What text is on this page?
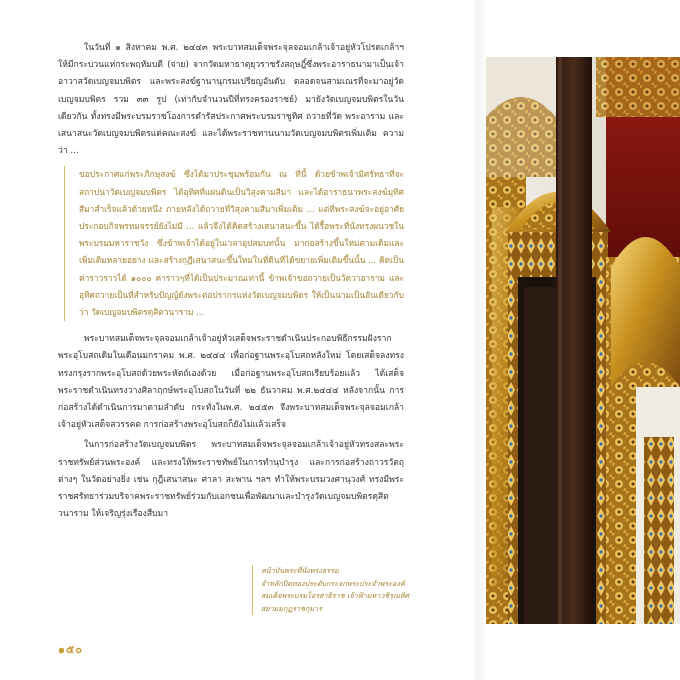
ในวันที่ ๑ สิงหาคม พ.ศ. ๒๔๔๓ พระบาทสมเด็จพระจุลจอมเกล้าเจ้าอยู่หัวโปรดเกล้าฯ ให้มีกระบวนแห่กระพฤหัมบดี (จ่าย) จากวัดมหาธาตุยุวราชรังสฤษฎิ์ซึ่งพระอาราธนามาเป็นเจ้าอาวาสวัดเบญจมบพิตร และพระสงฆ์ฐานานุกรมเปรียญอันดับ ตลอดจนสามเณรที่จะมาอยู่วัดเบญจมบพิตร รวม ๓๓ รูป (เท่ากับจำนวนปีที่ทรงครองราชย์) มายังวัดเบญจมบพิตรในวันเดียวกัน ทั้งทรงมีพระบรมราชโองการดำรัสประกาศพระบรมราชูทิศ ถวายที่วัด พระอาราม และเสนาสนะวัดเบญจมบพิตรแด่คณะสงฆ์ และได้พระราชทานนามวัดเบญจมบพิตรเพิ่มเติม ความว่า ...

ขอประกาศแก่พระภิกษุสงฆ์ ซึ่งได้มาประชุมพร้อมกัน ณ ที่นี้ ด้วยข้าพเจ้ามีศรัทธาที่จะสถาปนาวัดเบญจมบพิตร ได้อุทิศที่แผ่นดินเป็นวิสุงคามสีมา และได้อาราธนาพระสงฆ์มุทิศสีมาสำเร็จแล้วด้วยหนึ่ง ภายหลังได้ถวายที่วิสุงคามสีมาเพิ่มเติม ... แต่ที่พระสงฆ์จะอยู่อาศัยประกอบกิจพรหมจรรย์ยังไม่มี ... แล้วจึงได้คิดสร้างเสนาสนะขึ้น ได้รื้อพระที่นั่งทรงผนวชในพระบรมมหาราชวัง ซึ่งข้าพเจ้าได้อยู่ในเวลาอุปสมบทนั้น มาก่อสร้างขึ้นใหม่ตามเดิมและเพิ่มเติมหลายอย่าง และสร้างกุฎีเสนาสนะขึ้นใหม่ในที่ดินที่ได้ขยายเพิ่มเติมขึ้นนั้น ... คิดเป็นค่าราวราวได้ ๑๐๐๐ ค่าราวๆที่ได้เป็นประมาณเท่านี้ ข้าพเจ้าขอถวายเป็นวัดวาอาราม และอุทิศถวายเป็นที่สำหรับปัญญ์ยังพระต่อปรากรแห่งวัดเบญจมบพิตร ให้เป็นนามเป็นอันเดียวกับว่า วัดเบญจมบพิตรดุสิตวนาราม ...

พระบาทสมเด็จพระจุลจอมเกล้าเจ้าอยู่หัวเสด็จพระราชดำเนินประกอบพิธีกรรมฝังราก พระอุโบสถเดิมในเดือนมกราคม พ.ศ. ๒๔๔๔ เพื่อก่อฐานพระอุโบสถหลังใหม่ โดยเสด็จลงทรงทรงกรุงรากพระอุโบสถด้วยพระหัตถ์เองด้วย เมื่อก่อฐานพระอุโบสถเรียบร้อยแล้ว ได้เสด็จพระราชดำเนินทรงวางศิลาฤกษ์พระอุโบสถในวันที่ ๒๒ ธันวาคม พ.ศ.๒๔๔๔ หลังจากนั้น การก่อสร้างได้ดำเนินการมาตามลำดับ กระทั่งในพ.ศ. ๒๔๕๓ จึงพระบาทสมเด็จพระจุลจอมเกล้าเจ้าอยู่หัวเสด็จสวรรคต การก่อสร้างพระอุโบสถก็ยังไม่แล้วเสร็จ

ในการก่อสร้างวัดเบญจมบพิตร พระบาทสมเด็จพระจุลจอมเกล้าเจ้าอยู่หัวทรงสละพระราชทรัพย์ส่วนพระองค์ และทรงให้พระราชทัพย์ในการทำนุบำรุง และการก่อสร้างถาวรวัตถุต่างๆ ในวัดอย่างยิ่ง เช่น กุฎีเสนาสนะ ศาลา สะพาน ฯลฯ ทำให้พระบรมวงศานุวงศ์ ทรงมีพระราชศรัทธาร่วมบริจาคพระราชทรัพย์ร่วมกับเอกชนเพื่อพัฒนาและบำรุงวัดเบญจมบพิตรดุสิตวนาราม ให้เจริญรุ่งเรืองสืบมา

หน้าบันพระที่นั่งทรงธรรม
จำหลักปิดทองประดับกระจกพระประจำพระองค์
สมเด็จพระบรมโอรสาธิราช เจ้าฟ้ามหาวชิรุณหิศ
สยามมกุฎราชกุมาร
๑๕๐
